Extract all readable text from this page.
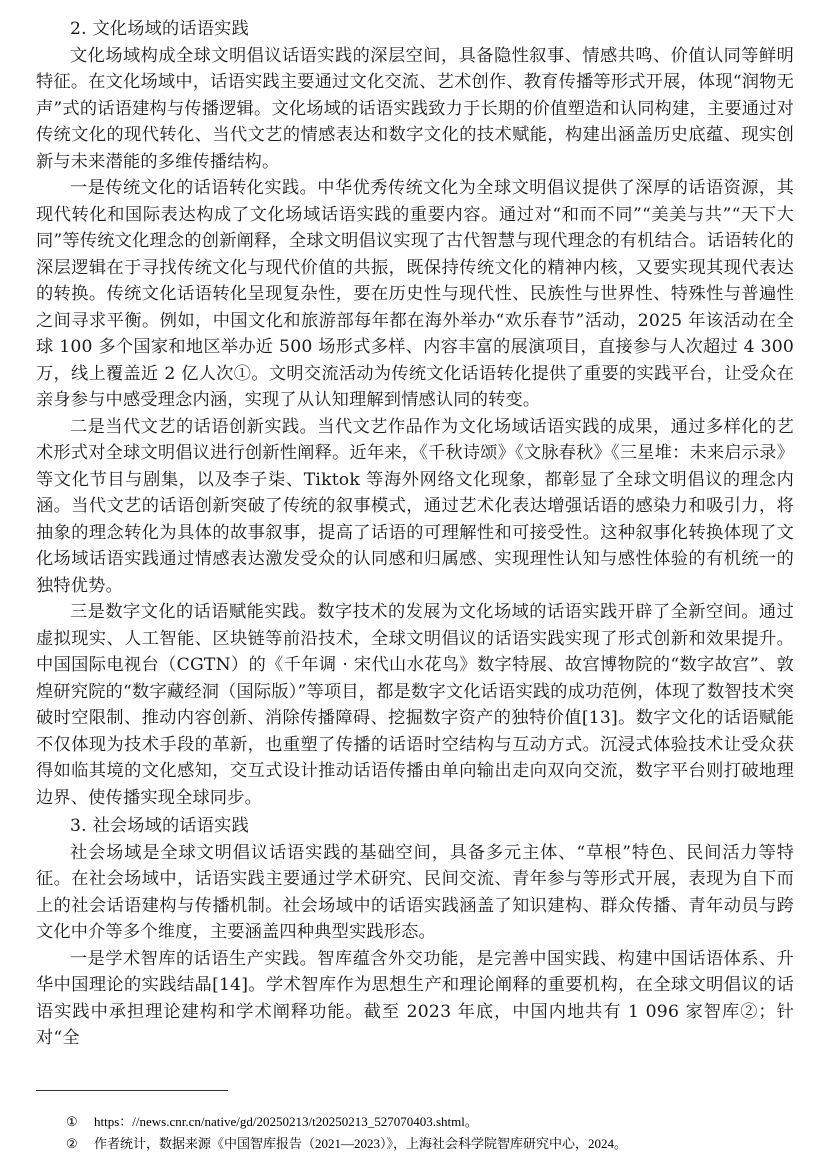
2. 文化场域的话语实践

文化场域构成全球文明倡议话语实践的深层空间，具备隐性叙事、情感共鸣、价值认同等鲜明特征。在文化场域中，话语实践主要通过文化交流、艺术创作、教育传播等形式开展，体现“润物无声”式的话语建构与传播逻辑。文化场域的话语实践致力于长期的价值塑造和认同构建，主要通过对传统文化的现代转化、当代文艺的情感表达和数字文化的技术赋能，构建出涵盖历史底蕴、现实创新与未来潜能的多维传播结构。

一是传统文化的话语转化实践。中华优秀传统文化为全球文明倡议提供了深厚的话语资源，其现代转化和国际表达构成了文化场域话语实践的重要内容。通过对“和而不同”“美美与共”“天下大同”等传统文化理念的创新阐释，全球文明倡议实现了古代智慧与现代理念的有机结合。话语转化的深层逻辑在于寻找传统文化与现代价值的共振，既保持传统文化的精神内核，又要实现其现代表达的转换。传统文化话语转化呈现复杂性，要在历史性与现代性、民族性与世界性、特殊性与普遍性之间寻求平衡。例如，中国文化和旅游部每年都在海外举办“欢乐春节”活动，2025 年该活动在全球 100 多个国家和地区举办近 500 场形式多样、内容丰富的展演项目，直接参与人次超过 4 300 万，线上覆盖近 2 亿人次①。文明交流活动为传统文化话语转化提供了重要的实践平台，让受众在亲身参与中感受理念内涵，实现了从认知理解到情感认同的转变。

二是当代文艺的话语创新实践。当代文艺作品作为文化场域话语实践的成果，通过多样化的艺术形式对全球文明倡议进行创新性阐释。近年来，《千秋诗颂》《文脉春秋》《三星堆：未来启示录》等文化节目与剧集，以及李子柒、Tiktok 等海外网络文化现象，都彰显了全球文明倡议的理念内涵。当代文艺的话语创新突破了传统的叙事模式，通过艺术化表达增强话语的感染力和吸引力，将抽象的理念转化为具体的故事叙事，提高了话语的可理解性和可接受性。这种叙事化转换体现了文化场域话语实践通过情感表达激发受众的认同感和归属感、实现理性认知与感性体验的有机统一的独特优势。

三是数字文化的话语赋能实践。数字技术的发展为文化场域的话语实践开辟了全新空间。通过虚拟现实、人工智能、区块链等前沿技术，全球文明倡议的话语实践实现了形式创新和效果提升。中国国际电视台（CGTN）的《千年调 · 宋代山水花鸟》数字特展、故宫博物院的“数字故宫”、敦煌研究院的“数字藏经洞（国际版）”等项目，都是数字文化话语实践的成功范例，体现了数智技术突破时空限制、推动内容创新、消除传播障碍、挖掘数字资产的独特价值[13]。数字文化的话语赋能不仅体现为技术手段的革新，也重塑了传播的话语时空结构与互动方式。沉浸式体验技术让受众获得如临其境的文化感知，交互式设计推动话语传播由单向输出走向双向交流，数字平台则打破地理边界、使传播实现全球同步。

3. 社会场域的话语实践

社会场域是全球文明倡议话语实践的基础空间，具备多元主体、“草根”特色、民间活力等特征。在社会场域中，话语实践主要通过学术研究、民间交流、青年参与等形式开展，表现为自下而上的社会话语建构与传播机制。社会场域中的话语实践涵盖了知识建构、群众传播、青年动员与跨文化中介等多个维度，主要涵盖四种典型实践形态。

一是学术智库的话语生产实践。智库蕴含外交功能，是完善中国实践、构建中国话语体系、升华中国理论的实践结晶[14]。学术智库作为思想生产和理论阐释的重要机构，在全球文明倡议的话语实践中承担理论建构和学术阐释功能。截至 2023 年底，中国内地共有 1 096 家智库②；针对“全

① https：//news.cnr.cn/native/gd/20250213/t20250213_527070403.shtml。

② 作者统计，数据来源《中国智库报告（2021—2023）》，上海社会科学院智库研究中心，2024。
